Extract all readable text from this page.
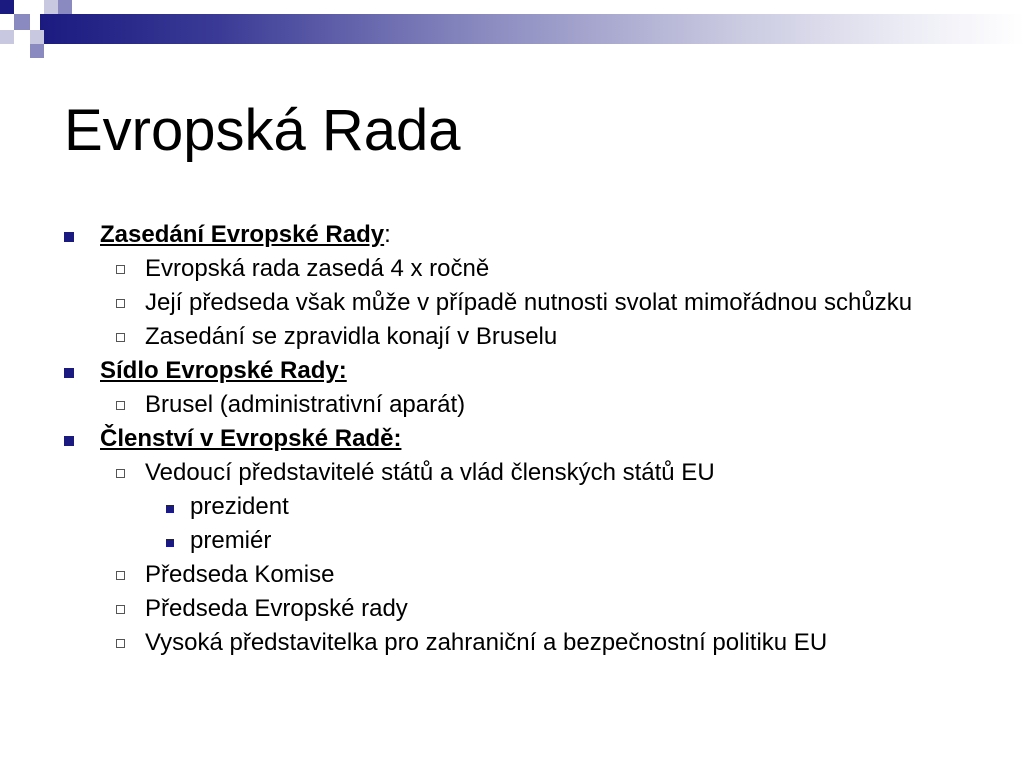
Evropská Rada
Zasedání Evropské Rady:
Evropská rada zasedá 4 x ročně
Její předseda však může v případě nutnosti svolat mimořádnou schůzku
Zasedání se zpravidla konají v Bruselu
Sídlo Evropské Rady:
Brusel (administrativní aparát)
Členství v Evropské Radě:
Vedoucí představitelé států a vlád členských států EU
prezident
premiér
Předseda Komise
Předseda Evropské rady
Vysoká představitelka pro zahraniční a bezpečnostní politiku EU
